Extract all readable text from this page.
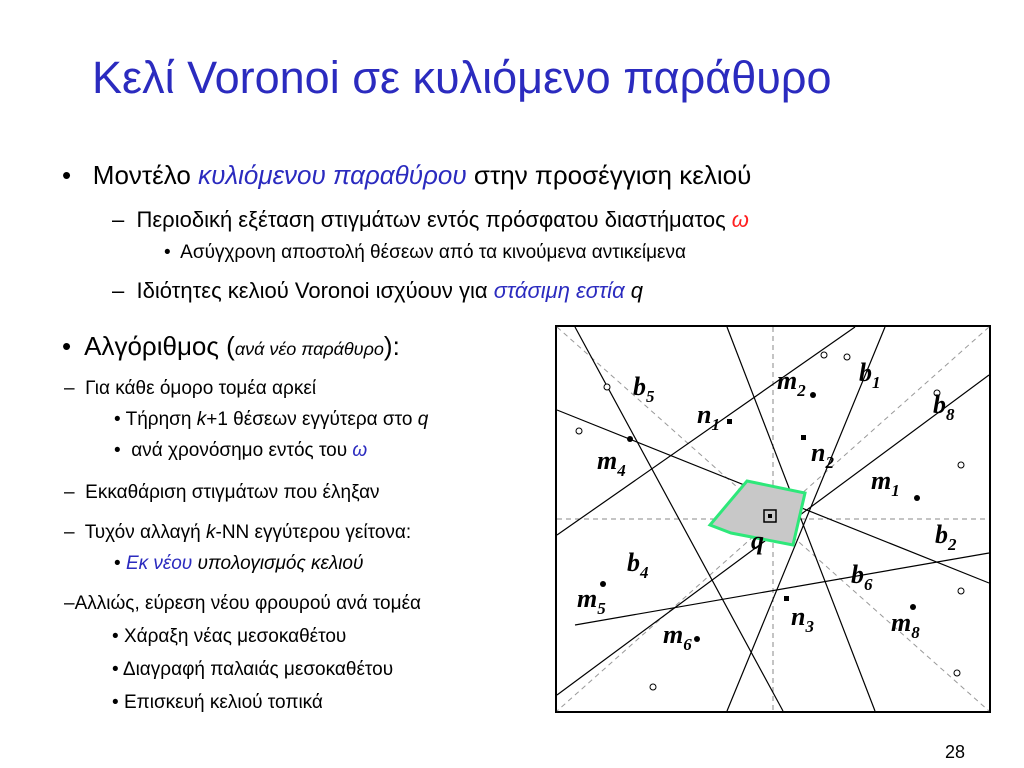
Κελί Voronoi σε κυλιόμενο παράθυρο
• Μοντέλο κυλιόμενου παραθύρου στην προσέγγιση κελιού
– Περιοδική εξέταση στιγμάτων εντός πρόσφατου διαστήματος ω
• Ασύγχρονη αποστολή θέσεων από τα κινούμενα αντικείμενα
– Ιδιότητες κελιού Voronoi ισχύουν για στάσιμη εστία q
• Αλγόριθμος (ανά νέο παράθυρο):
– Για κάθε όμορο τομέα αρκεί
• Τήρηση k+1 θέσεων εγγύτερα στο q
• ανά χρονόσημο εντός του ω
– Εκκαθάριση στιγμάτων που έληξαν
– Τυχόν αλλαγή k-NN εγγύτερου γείτονα:
• Εκ νέου υπολογισμός κελιού
–Αλλιώς, εύρεση νέου φρουρού ανά τομέα
• Χάραξη νέας μεσοκαθέτου
• Διαγραφή παλαιάς μεσοκαθέτου
• Επισκευή κελιού τοπικά
$b_5$
$m_2$
$b_1$
$n_1$
$b_8$
$n_2$
$m_4$	$m_1$
q	$b_2$
$b_4$	$b_6$
$m_5$	$n_3$	$m_8$
$m_6$
28
